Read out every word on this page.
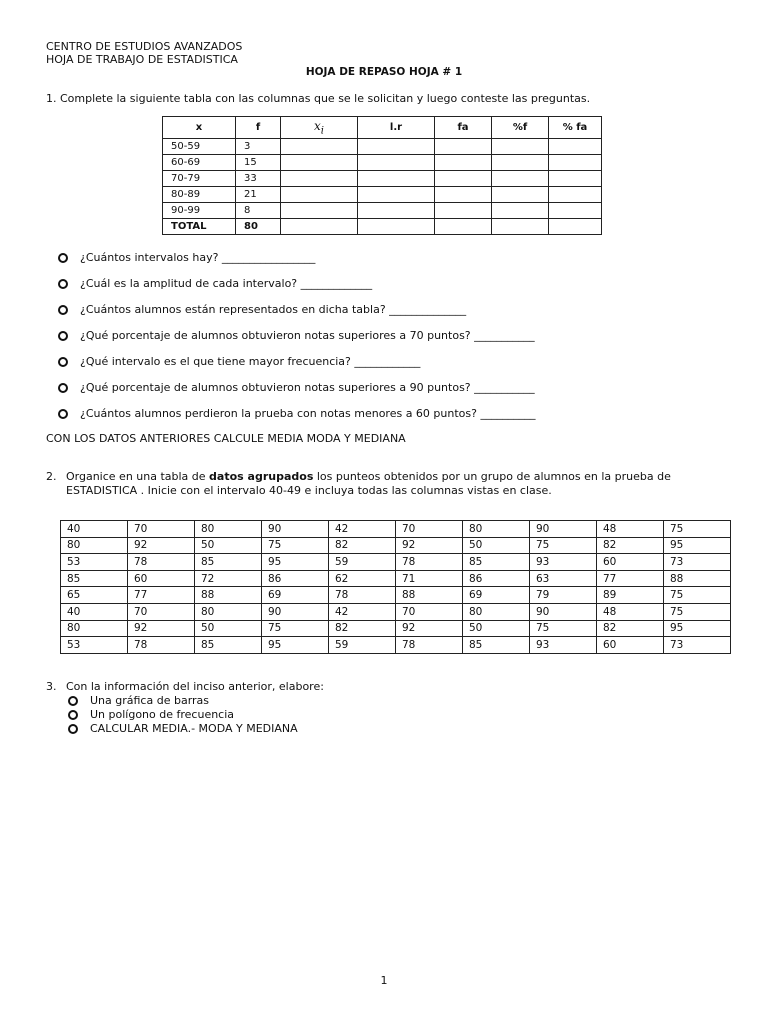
CENTRO DE ESTUDIOS AVANZADOS
HOJA DE TRABAJO DE ESTADISTICA
HOJA DE REPASO HOJA # 1
1. Complete la siguiente tabla con las columnas que se le solicitan y luego conteste las preguntas.
x	f	$x_i$	l.r	fa	%f	% fa
50-59	3					
60-69	15					
70-79	33					
80-89	21					
90-99	8					
TOTAL	80					
¿Cuántos intervalos hay? _________________
¿Cuál es la amplitud de cada intervalo? _____________
¿Cuántos alumnos están representados en dicha tabla? ______________
¿Qué porcentaje de alumnos obtuvieron notas superiores a 70 puntos? ___________
¿Qué intervalo es el que tiene mayor frecuencia? ____________
¿Qué porcentaje de alumnos obtuvieron notas superiores a 90 puntos? ___________
¿Cuántos alumnos perdieron la prueba con notas menores a 60 puntos? __________
CON LOS DATOS ANTERIORES CALCULE MEDIA MODA Y MEDIANA
2. Organice en una tabla de datos agrupados los punteos obtenidos por un grupo de alumnos en la prueba de ESTADISTICA . Inicie con el intervalo 40-49 e incluya todas las columnas vistas en clase.
40	70	80	90	42	70	80	90	48	75
80	92	50	75	82	92	50	75	82	95
53	78	85	95	59	78	85	93	60	73
85	60	72	86	62	71	86	63	77	88
65	77	88	69	78	88	69	79	89	75
40	70	80	90	42	70	80	90	48	75
80	92	50	75	82	92	50	75	82	95
53	78	85	95	59	78	85	93	60	73
3. Con la información del inciso anterior, elabore:
Una gráfica de barras
Un polígono de frecuencia
CALCULAR MEDIA.- MODA Y MEDIANA
1
